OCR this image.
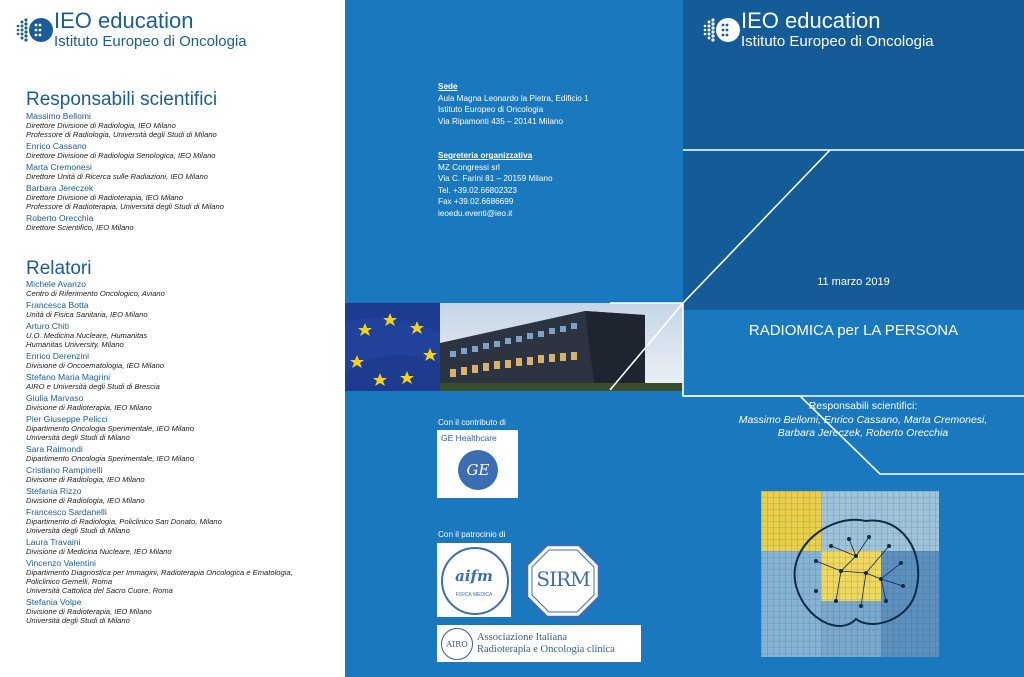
IEO education
Istituto Europeo di Oncologia
Responsabili scientifici
Massimo Bellomi
Direttore Divisione di Radiologia, IEO Milano
Professore di Radiologia, Università degli Studi di Milano
Enrico Cassano
Direttore Divisione di Radiologia Senologica, IEO Milano
Marta Cremonesi
Direttore Unità di Ricerca sulle Radiazioni, IEO Milano
Barbara Jereczek
Direttore Divisione di Radioterapia, IEO Milano
Professore di Radioterapia, Università degli Studi di Milano
Roberto Orecchia
Direttore Scientifico, IEO Milano
Relatori
Michele Avanzo
Centro di Riferimento Oncologico, Aviano
Francesca Botta
Unità di Fisica Sanitaria, IEO Milano
Arturo Chiti
U.O. Medicina Nucleare, Humanitas
Humanitas University, Milano
Enrico Derenzini
Divisione di Oncoematologia, IEO Milano
Stefano Maria Magrini
AIRO e Università degli Studi di Brescia
Giulia Marvaso
Divisione di Radioterapia, IEO Milano
Pier Giuseppe Pelicci
Dipartimento Oncologia Sperimentale, IEO Milano
Università degli Studi di Milano
Sara Raimondi
Dipartimento Oncologia Sperimentale, IEO Milano
Cristiano Rampinelli
Divisione di Radiologia, IEO Milano
Stefania Rizzo
Divisione di Radiologia, IEO Milano
Francesco Sardanelli
Dipartimento di Radiologia, Policlinico San Donato, Milano
Università degli Studi di Milano
Laura Travaini
Divisione di Medicina Nucleare, IEO Milano
Vincenzo Valentini
Dipartimento Diagnostica per Immagini, Radioterapia Oncologica e Ematologia,
Policlinico Gemelli, Roma
Università Cattolica del Sacro Cuore, Roma
Stefania Volpe
Divisione di Radioterapia, IEO Milano
Università degli Studi di Milano
Sede
Aula Magna Leonardo la Pietra, Edificio 1
Istituto Europeo di Oncologia
Via Ripamonti 435 – 20141 Milano
Segreteria organizzativa
MZ Congressi srl
Via C. Farini 81 – 20159 Milano
Tel. +39.02.66802323
Fax +39.02.6686699
ieoedu.eventi@ieo.it
Con il contributo di
GE Healthcare
GE
Con il patrocinio di
aifm
FISICA MEDICA
SIRM
AIRO
Associazione Italiana
Radioterapia e Oncologia clinica
IEO education
Istituto Europeo di Oncologia
11 marzo 2019
RADIOMICA per LA PERSONA
Responsabili scientifici:
Massimo Bellomi, Enrico Cassano, Marta Cremonesi,
Barbara Jereczek, Roberto Orecchia
